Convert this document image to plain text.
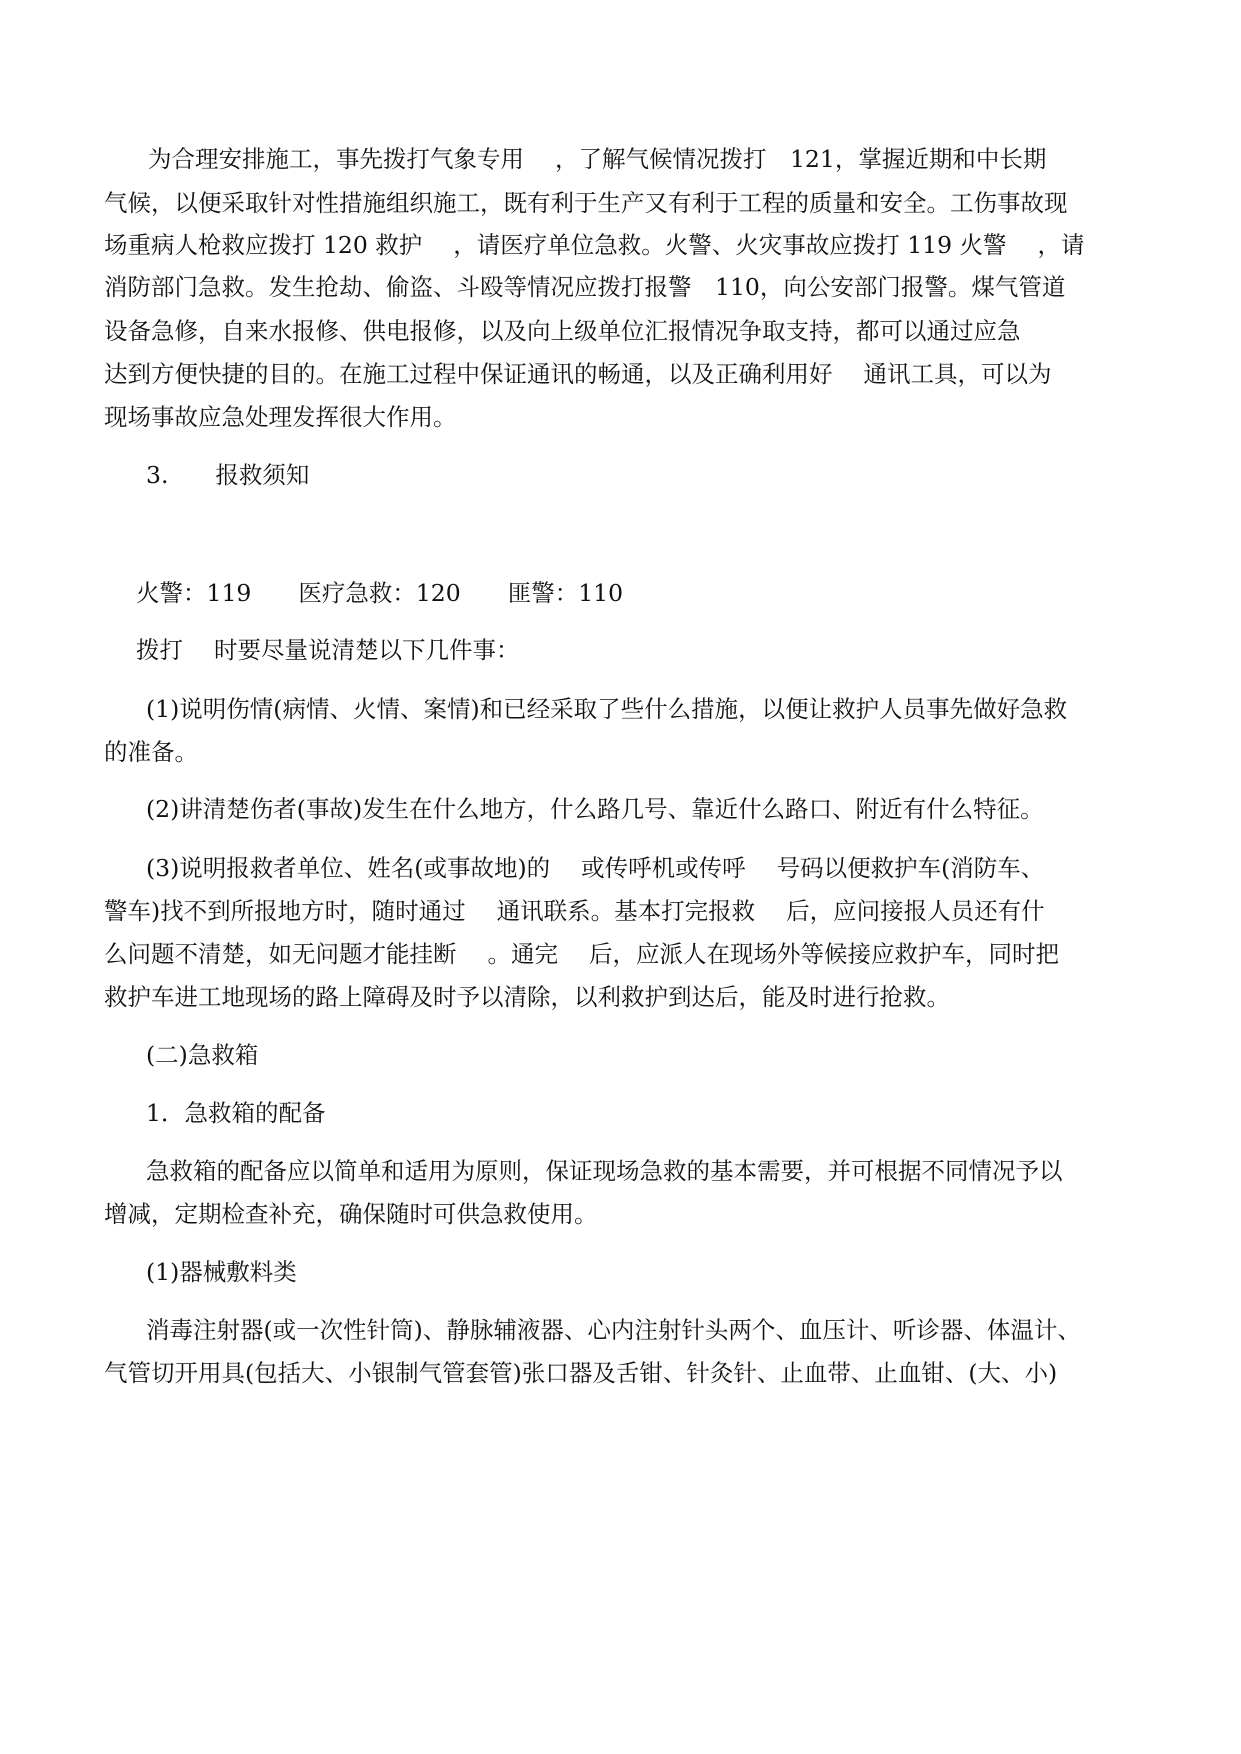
为合理安排施工，事先拨打气象专用　 ，了解气候情况拨打　121，掌握近期和中长期
气候，以便采取针对性措施组织施工，既有利于生产又有利于工程的质量和安全。工伤事故现
场重病人枪救应拨打 120 救护　 ，请医疗单位急救。火警、火灾事故应拨打 119 火警　 ，请
消防部门急救。发生抢劫、偷盗、斗殴等情况应拨打报警　110，向公安部门报警。煤气管道
设备急修，自来水报修、供电报修，以及向上级单位汇报情况争取支持，都可以通过应急
达到方便快捷的目的。在施工过程中保证通讯的畅通，以及正确利用好　 通讯工具，可以为
现场事故应急处理发挥很大作用。
3.　　报救须知
火警：119　　医疗急救：120　　匪警：110
拨打　 时要尽量说清楚以下几件事：
(1)说明伤情(病情、火情、案情)和已经采取了些什么措施，以便让救护人员事先做好急救
的准备。
(2)讲清楚伤者(事故)发生在什么地方，什么路几号、靠近什么路口、附近有什么特征。
(3)说明报救者单位、姓名(或事故地)的　 或传呼机或传呼　 号码以便救护车(消防车、
警车)找不到所报地方时，随时通过　 通讯联系。基本打完报救　 后，应问接报人员还有什
么问题不清楚，如无问题才能挂断　 。通完　 后，应派人在现场外等候接应救护车，同时把
救护车进工地现场的路上障碍及时予以清除，以利救护到达后，能及时进行抢救。
(二)急救箱
1．急救箱的配备
急救箱的配备应以简单和适用为原则，保证现场急救的基本需要，并可根据不同情况予以
增减，定期检查补充，确保随时可供急救使用。
(1)器械敷料类
消毒注射器(或一次性针筒)、静脉辅液器、心内注射针头两个、血压计、听诊器、体温计、
气管切开用具(包括大、小银制气管套管)张口器及舌钳、针灸针、止血带、止血钳、(大、小)
